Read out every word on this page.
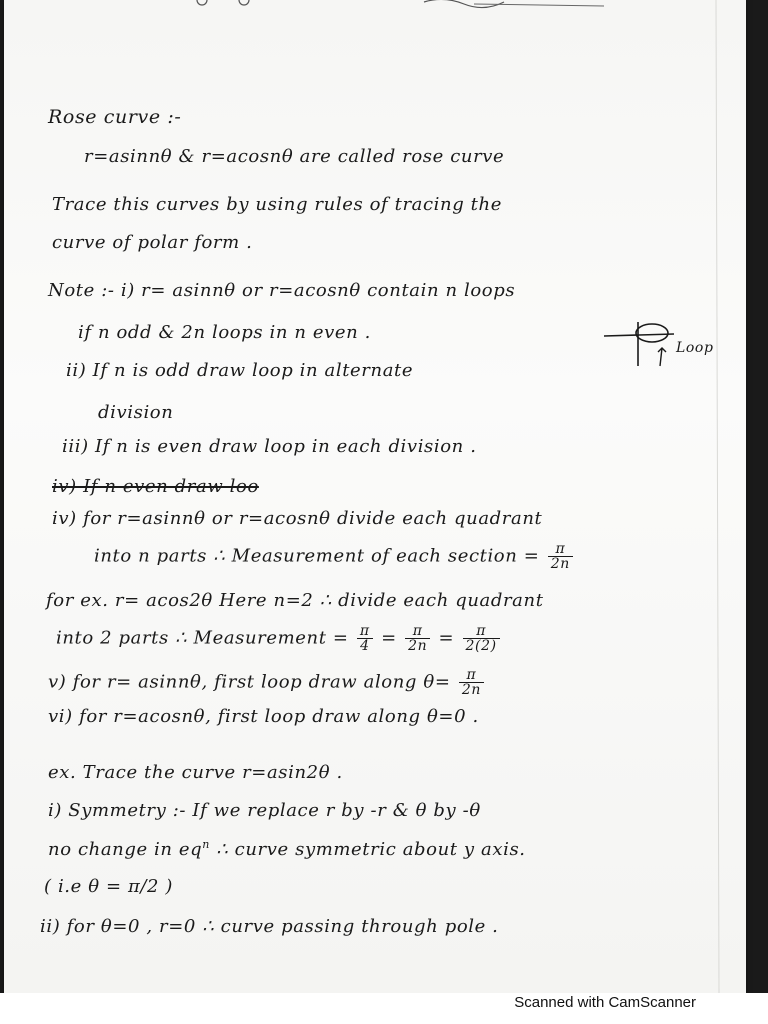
Rose curve :-
r=asinnθ & r=acosnθ are called rose curve
Trace this curves by using rules of tracing the
curve of polar form .
Note :- i) r= asinnθ or r=acosnθ contain n loops
if n odd & 2n loops in n even .
Loop
ii) If n is odd draw loop in alternate
division
iii) If n is even draw loop in each division .
iv) If n even draw loo
iv) for r=asinnθ or r=acosnθ divide each quadrant
into n parts ∴ Measurement of each section = $\frac{\pi}{2n}$
for ex. r= acos2θ Here n=2 ∴ divide each quadrant
into 2 parts ∴ Measurement = $\frac{\pi}{4} = \frac{\pi}{2n} = \frac{\pi}{2(2)}$
v) for r= asinnθ, first loop draw along $\theta= \frac{\pi}{2n}$
vi) for r=acosnθ, first loop draw along θ=0 .
ex. Trace the curve r=asin2θ .
i) Symmetry :- If we replace r by -r & θ by -θ
no change in $eq^n$ ∴ curve symmetric about y axis.
( i.e θ = π/2 )
ii) for θ=0 , r=0 ∴ curve passing through pole .
Scanned with CamScanner
